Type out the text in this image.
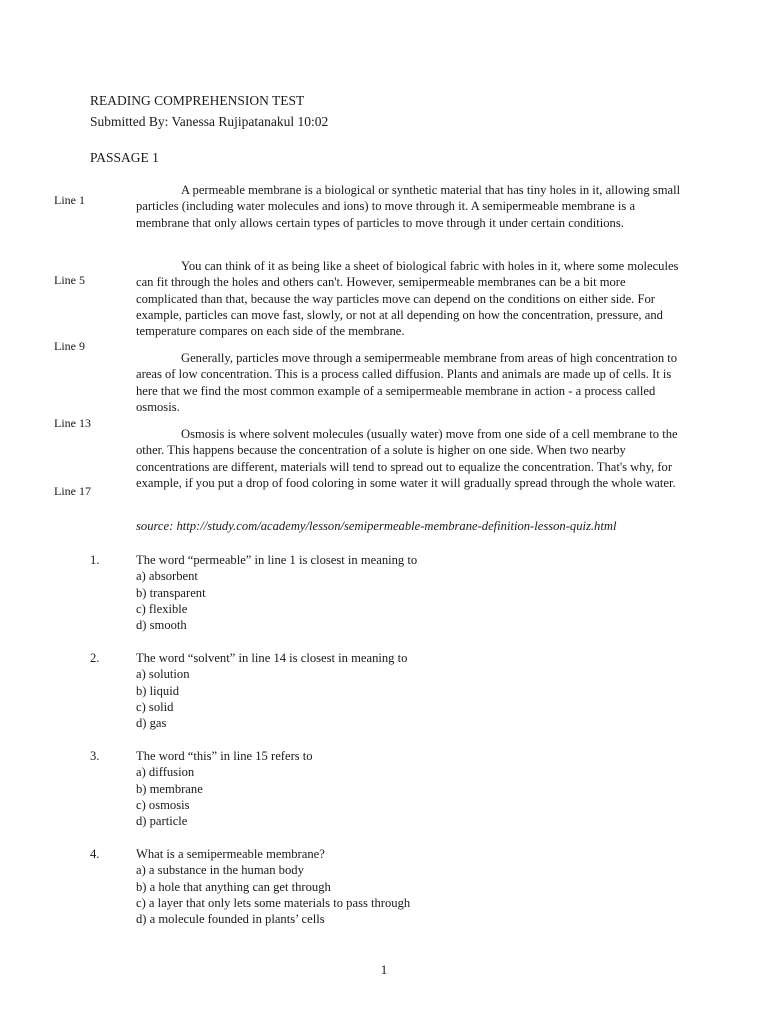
READING COMPREHENSION TEST
Submitted By: Vanessa Rujipatanakul 10:02
PASSAGE 1
Line 1
Line 5
Line 9
Line 13
Line 17
A permeable membrane is a biological or synthetic material that has tiny holes in it, allowing small particles (including water molecules and ions) to move through it. A semipermeable membrane is a membrane that only allows certain types of particles to move through it under certain conditions.
You can think of it as being like a sheet of biological fabric with holes in it, where some molecules can fit through the holes and others can't. However, semipermeable membranes can be a bit more complicated than that, because the way particles move can depend on the conditions on either side. For example, particles can move fast, slowly, or not at all depending on how the concentration, pressure, and temperature compares on each side of the membrane.
Generally, particles move through a semipermeable membrane from areas of high concentration to areas of low concentration. This is a process called diffusion. Plants and animals are made up of cells. It is here that we find the most common example of a semipermeable membrane in action - a process called osmosis.
Osmosis is where solvent molecules (usually water) move from one side of a cell membrane to the other. This happens because the concentration of a solute is higher on one side. When two nearby concentrations are different, materials will tend to spread out to equalize the concentration. That's why, for example, if you put a drop of food coloring in some water it will gradually spread through the whole water.
source: http://study.com/academy/lesson/semipermeable-membrane-definition-lesson-quiz.html
1.	The word “permeable” in line 1 is closest in meaning to
a) absorbent
b) transparent
c) flexible
d) smooth
2.	The word “solvent” in line 14 is closest in meaning to
a) solution
b) liquid
c) solid
d) gas
3.	The word “this” in line 15 refers to
a) diffusion
b) membrane
c) osmosis
d) particle
4.	What is a semipermeable membrane?
a) a substance in the human body
b) a hole that anything can get through
c) a layer that only lets some materials to pass through
d) a molecule founded in plants’ cells
1
